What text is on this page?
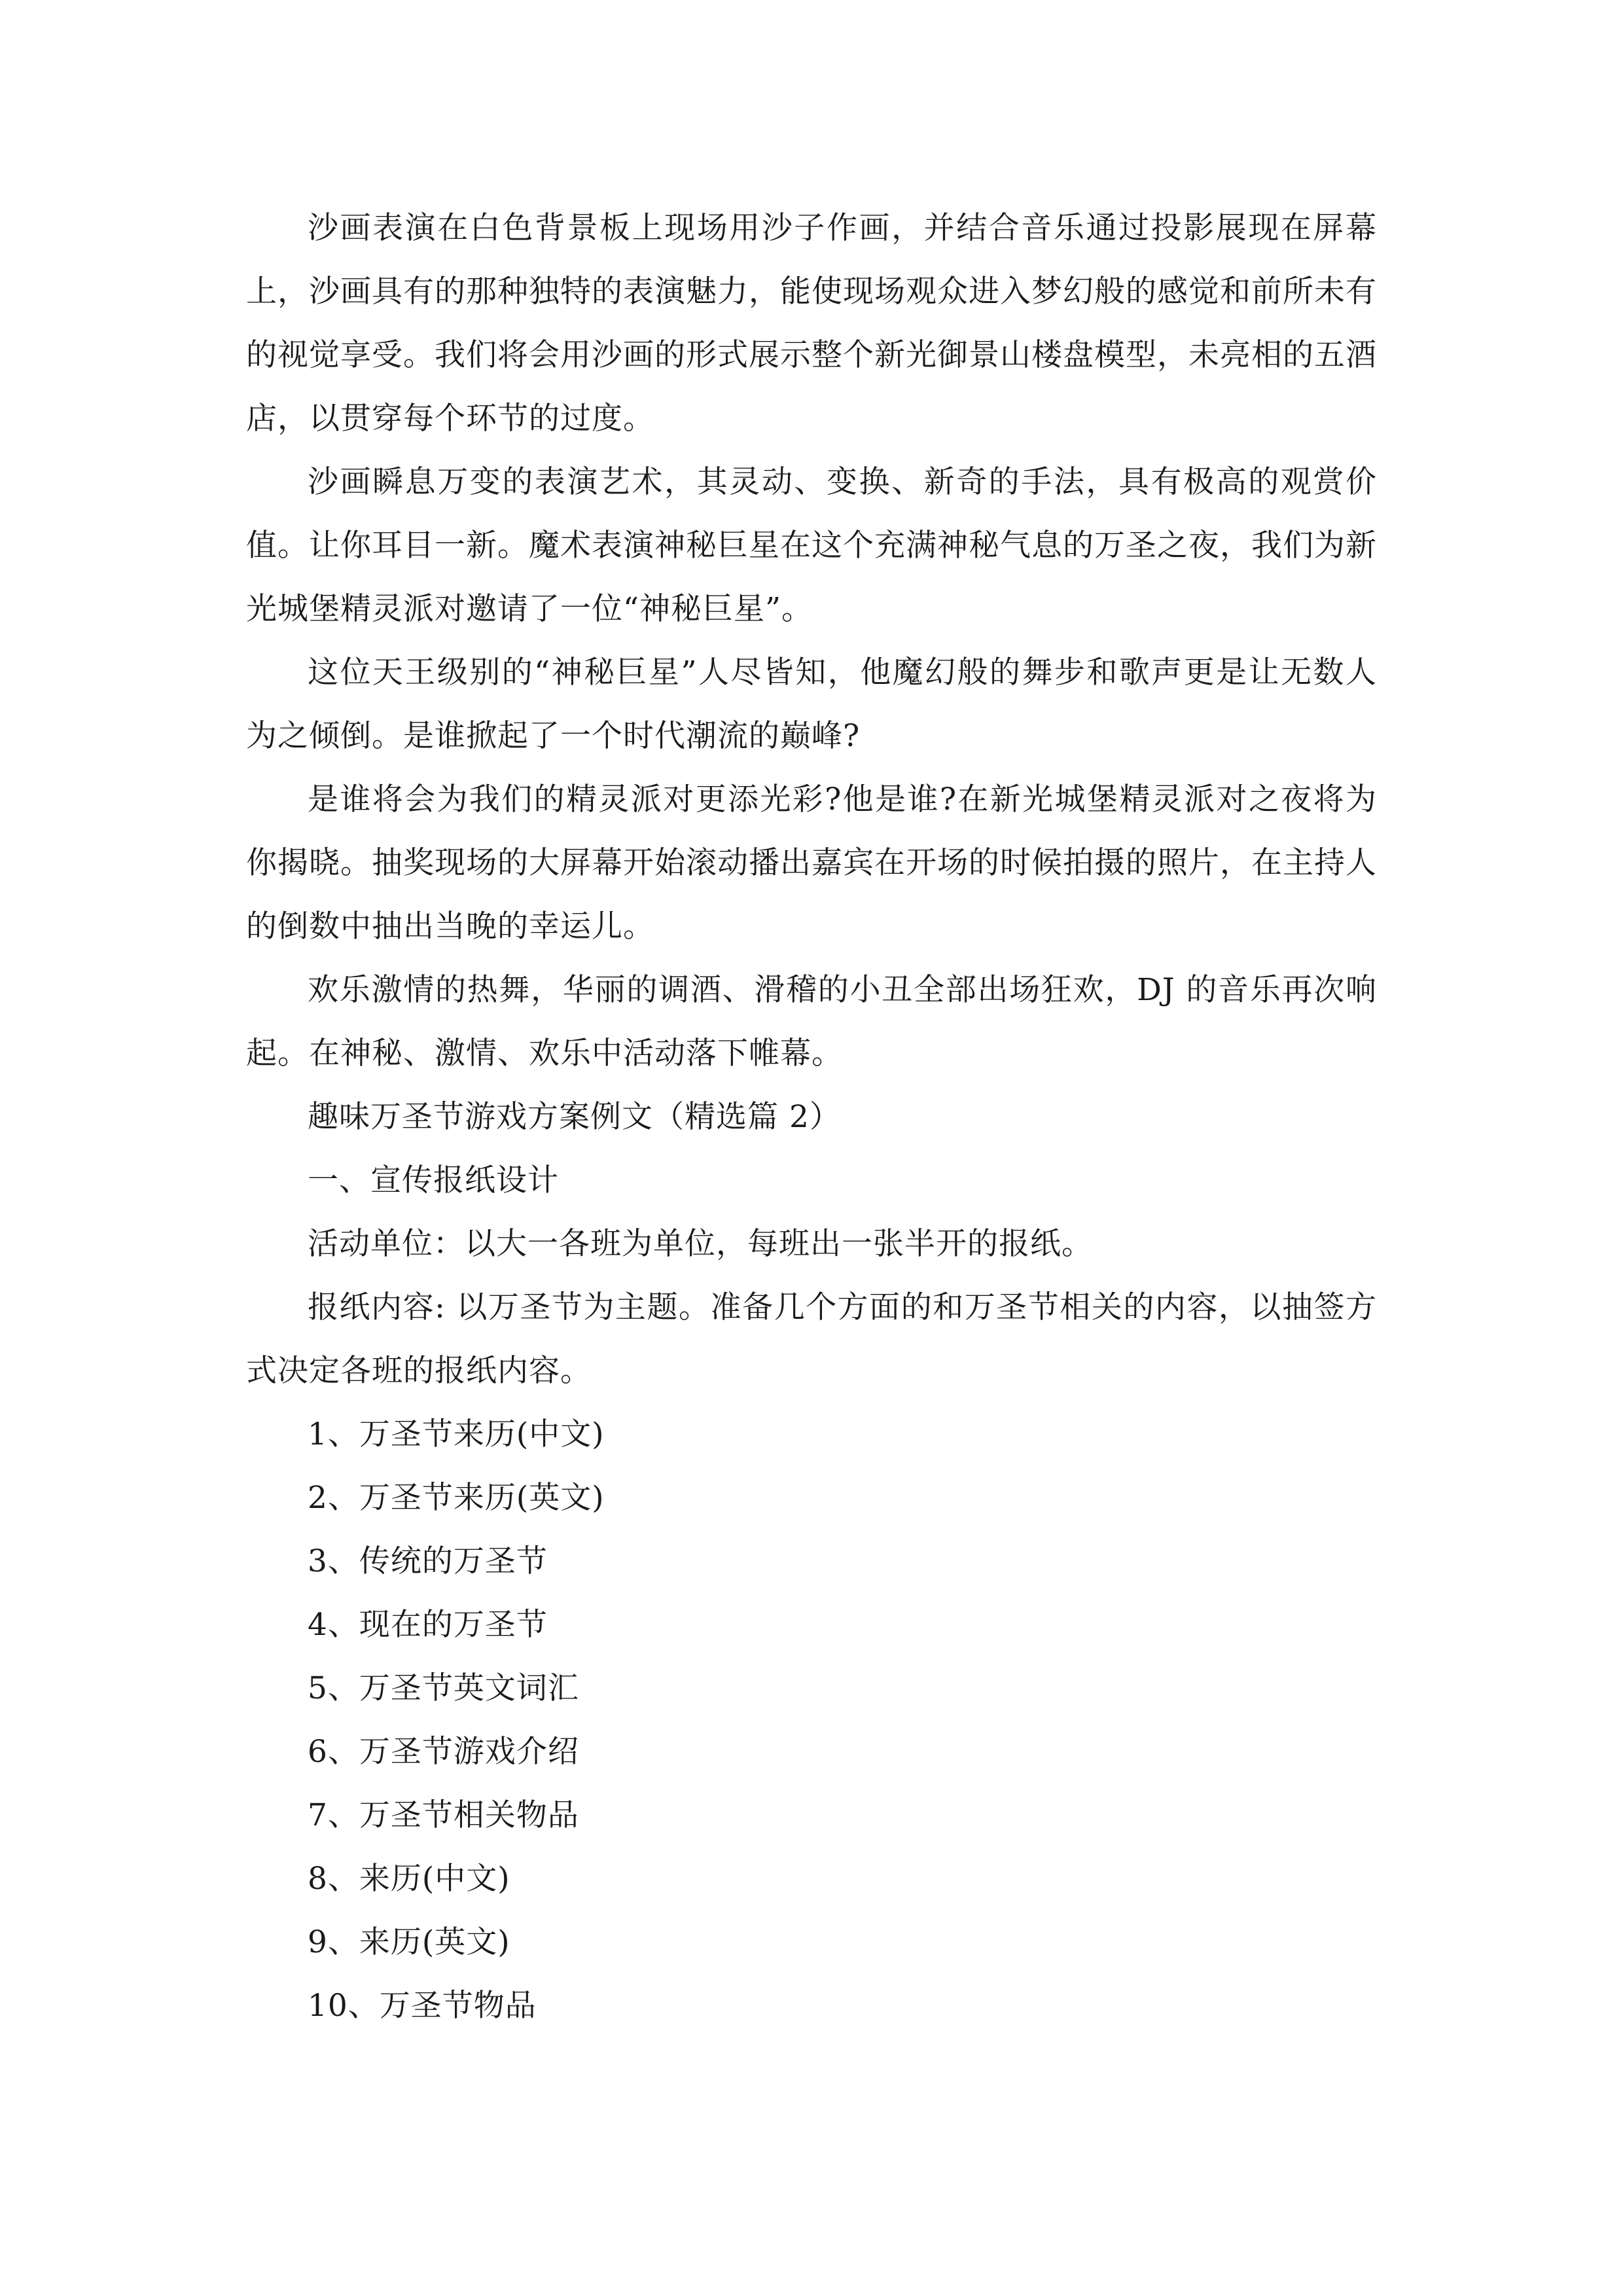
沙画表演在白色背景板上现场用沙子作画，并结合音乐通过投影展现在屏幕上，沙画具有的那种独特的表演魅力，能使现场观众进入梦幻般的感觉和前所未有的视觉享受。我们将会用沙画的形式展示整个新光御景山楼盘模型，未亮相的五酒店，以贯穿每个环节的过度。

沙画瞬息万变的表演艺术，其灵动、变换、新奇的手法，具有极高的观赏价值。让你耳目一新。魔术表演神秘巨星在这个充满神秘气息的万圣之夜，我们为新光城堡精灵派对邀请了一位“神秘巨星”。

这位天王级别的“神秘巨星”人尽皆知，他魔幻般的舞步和歌声更是让无数人为之倾倒。是谁掀起了一个时代潮流的巅峰?

是谁将会为我们的精灵派对更添光彩?他是谁?在新光城堡精灵派对之夜将为你揭晓。抽奖现场的大屏幕开始滚动播出嘉宾在开场的时候拍摄的照片，在主持人的倒数中抽出当晚的幸运儿。

欢乐激情的热舞，华丽的调酒、滑稽的小丑全部出场狂欢，DJ 的音乐再次响起。在神秘、激情、欢乐中活动落下帷幕。

趣味万圣节游戏方案例文（精选篇 2）

一、宣传报纸设计

活动单位：以大一各班为单位，每班出一张半开的报纸。

报纸内容: 以万圣节为主题。准备几个方面的和万圣节相关的内容，以抽签方式决定各班的报纸内容。

1、万圣节来历(中文)

2、万圣节来历(英文)

3、传统的万圣节

4、现在的万圣节

5、万圣节英文词汇

6、万圣节游戏介绍

7、万圣节相关物品

8、来历(中文)

9、来历(英文)

10、万圣节物品
